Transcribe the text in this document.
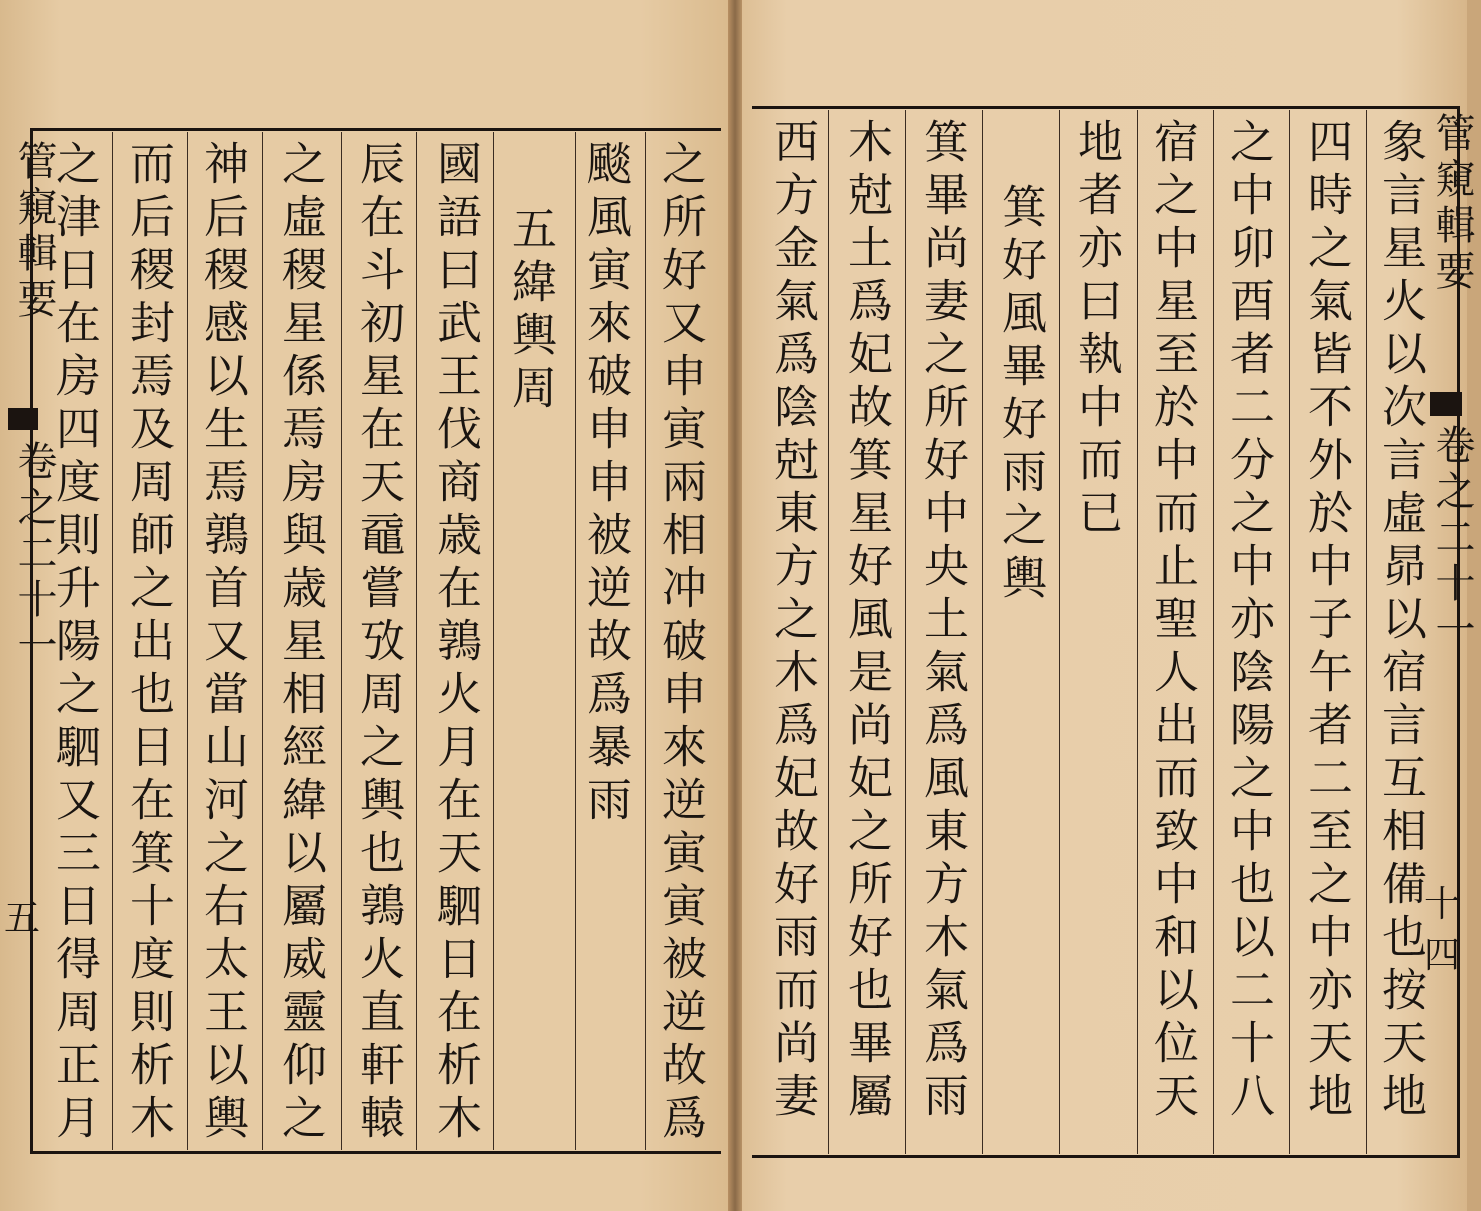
管窺輯要
卷之二十一
五
管窺輯要
卷之二十一
十四
之所好又申寅兩相冲破申來逆寅寅被逆故爲
颷風寅來破申申被逆故爲暴雨
五緯輿周
國語曰武王伐商歳在鶉火月在天駟日在析木
辰在斗初星在天黿嘗攷周之輿也鶉火直軒轅
之虛稷星係焉房與歳星相經緯以屬威靈仰之
神后稷感以生焉鶉首又當山河之右太王以輿
而后稷封焉及周師之出也日在箕十度則析木
之津日在房四度則升陽之駟又三日得周正月	象言星火以次言虛昴以宿言互相備也按天地
四時之氣皆不外於中子午者二至之中亦天地
之中卯酉者二分之中亦陰陽之中也以二十八
宿之中星至於中而止聖人出而致中和以位天
地者亦曰執中而已
箕好風畢好雨之輿
箕畢尚妻之所好中央土氣爲風東方木氣爲雨
木尅土爲妃故箕星好風是尚妃之所好也畢屬
西方金氣爲陰尅東方之木爲妃故好雨而尚妻
